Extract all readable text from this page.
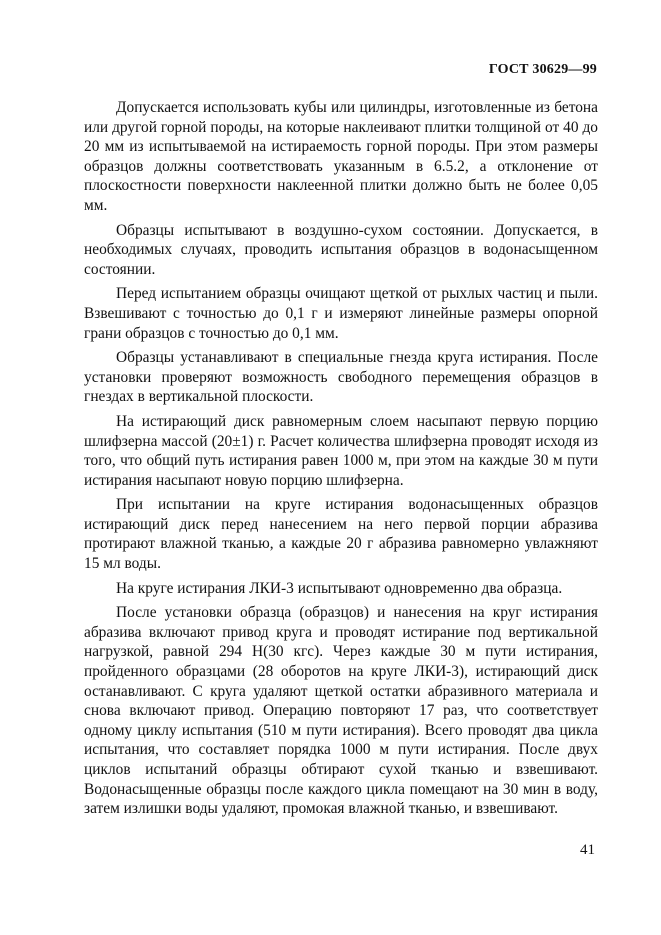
ГОСТ 30629—99

Допускается использовать кубы или цилиндры, изготовленные из бетона или другой горной породы, на которые наклеивают плитки толщиной от 40 до 20 мм из испытываемой на истираемость горной породы. При этом размеры образцов должны соответствовать указанным в 6.5.2, а отклонение от плоскостности поверхности наклеенной плитки должно быть не более 0,05 мм.

Образцы испытывают в воздушно-сухом состоянии. Допускается, в необходимых случаях, проводить испытания образцов в водонасыщенном состоянии.

Перед испытанием образцы очищают щеткой от рыхлых частиц и пыли. Взвешивают с точностью до 0,1 г и измеряют линейные размеры опорной грани образцов с точностью до 0,1 мм.

Образцы устанавливают в специальные гнезда круга истирания. После установки проверяют возможность свободного перемещения образцов в гнездах в вертикальной плоскости.

На истирающий диск равномерным слоем насыпают первую порцию шлифзерна массой (20±1) г. Расчет количества шлифзерна проводят исходя из того, что общий путь истирания равен 1000 м, при этом на каждые 30 м пути истирания насыпают новую порцию шлифзерна.

При испытании на круге истирания водонасыщенных образцов истирающий диск перед нанесением на него первой порции абразива протирают влажной тканью, а каждые 20 г абразива равномерно увлажняют 15 мл воды.

На круге истирания ЛКИ-3 испытывают одновременно два образца.

После установки образца (образцов) и нанесения на круг истирания абразива включают привод круга и проводят истирание под вертикальной нагрузкой, равной 294 Н(30 кгс). Через каждые 30 м пути истирания, пройденного образцами (28 оборотов на круге ЛКИ-3), истирающий диск останавливают. С круга удаляют щеткой остатки абразивного материала и снова включают привод. Операцию повторяют 17 раз, что соответствует одному циклу испытания (510 м пути истирания). Всего проводят два цикла испытания, что составляет порядка 1000 м пути истирания. После двух циклов испытаний образцы обтирают сухой тканью и взвешивают. Водонасыщенные образцы после каждого цикла помещают на 30 мин в воду, затем излишки воды удаляют, промокая влажной тканью, и взвешивают.

41
